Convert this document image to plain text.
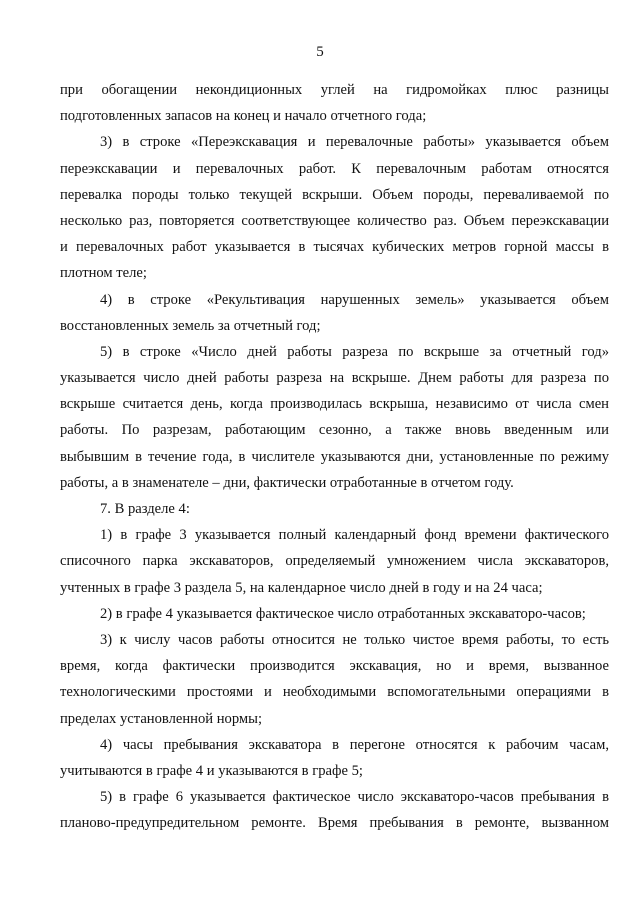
5
при обогащении некондиционных углей на гидромойках плюс разницы
подготовленных запасов на конец и начало отчетного года;
3) в строке «Переэкскавация и перевалочные работы» указывается объем
переэкскавации и перевалочных работ. К перевалочным работам относятся
перевалка породы только текущей вскрыши. Объем породы, переваливаемой по
несколько раз, повторяется соответствующее количество раз. Объем переэкскавации
и перевалочных работ указывается в тысячах кубических метров горной массы в
плотном теле;
4) в строке «Рекультивация нарушенных земель» указывается объем
восстановленных земель за отчетный год;
5) в строке «Число дней работы разреза по вскрыше за отчетный год»
указывается число дней работы разреза на вскрыше. Днем работы для разреза по
вскрыше считается день, когда производилась вскрыша, независимо от числа смен
работы. По разрезам, работающим сезонно, а также вновь введенным или
выбывшим в течение года, в числителе указываются дни, установленные по режиму
работы, а в знаменателе – дни, фактически отработанные в отчетом году.
7. В разделе 4:
1) в графе 3 указывается полный календарный фонд времени фактического
списочного парка экскаваторов, определяемый умножением числа экскаваторов,
учтенных в графе 3 раздела 5, на календарное число дней в году и на 24 часа;
2) в графе 4 указывается фактическое число отработанных экскаваторо-часов;
3) к числу часов работы относится не только чистое время работы, то есть
время, когда фактически производится экскавация, но и время, вызванное
технологическими простоями и необходимыми вспомогательными операциями в
пределах установленной нормы;
4) часы пребывания экскаватора в перегоне относятся к рабочим часам,
учитываются в графе 4 и указываются в графе 5;
5) в графе 6 указывается фактическое число экскаваторо-часов пребывания в
планово-предупредительном ремонте. Время пребывания в ремонте, вызванном
